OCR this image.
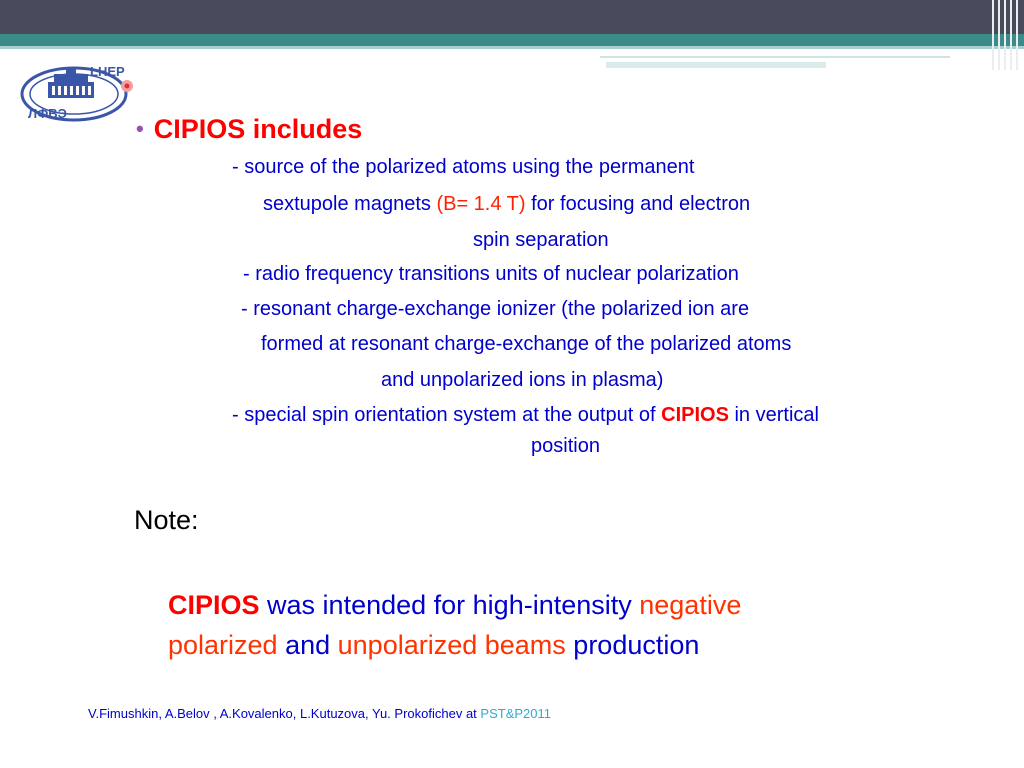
LHEP
ЛФВЭ
• CIPIOS includes
- source of the polarized atoms using the permanent
sextupole magnets (B= 1.4 T) for focusing and electron
spin separation
- radio frequency transitions units of nuclear polarization
- resonant charge-exchange ionizer (the polarized ion are
formed at resonant charge-exchange of the polarized atoms
and unpolarized ions in plasma)
- special spin orientation system at the output of CIPIOS in vertical
position
Note:
CIPIOS was intended for high-intensity negative
polarized and unpolarized beams production
V.Fimushkin, A.Belov , A.Kovalenko, L.Kutuzova, Yu. Prokofichev at PST&P2011
